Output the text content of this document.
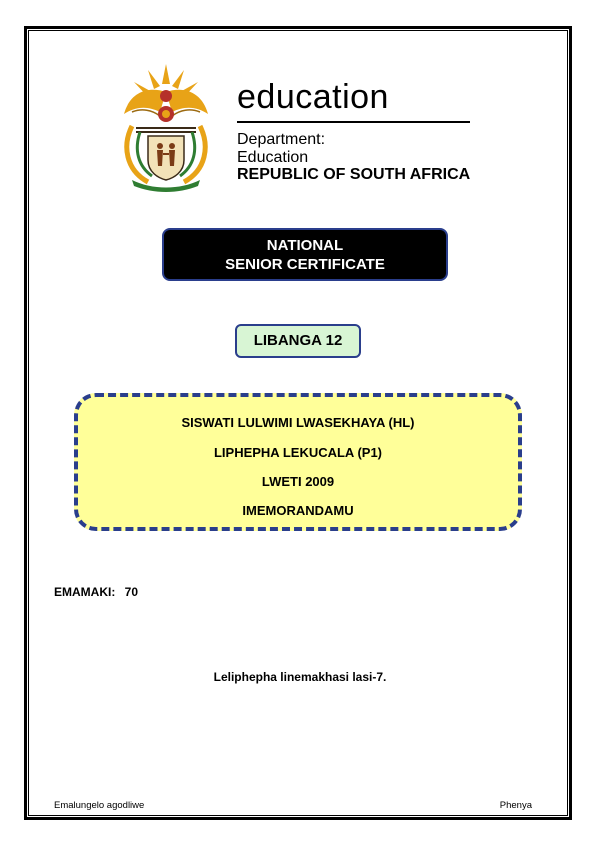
education
Department:
Education
REPUBLIC OF SOUTH AFRICA
NATIONAL
SENIOR CERTIFICATE
LIBANGA 12
SISWATI LULWIMI LWASEKHAYA (HL)
LIPHEPHA LEKUCALA (P1)
LWETI 2009
IMEMORANDAMU
EMAMAKI: 70
Leliphepha linemakhasi lasi-7.
Emalungelo agodliwe	Phenya
